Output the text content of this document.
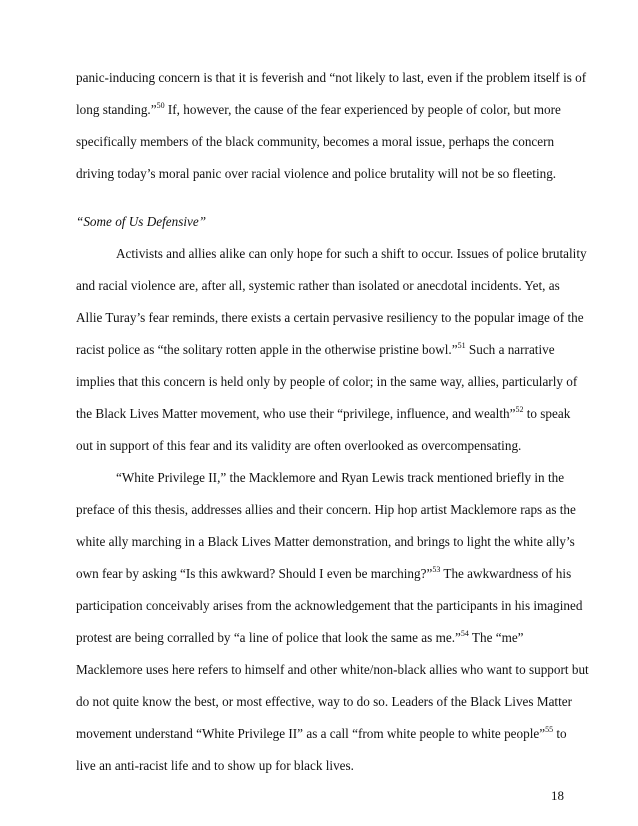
panic-inducing concern is that it is feverish and “not likely to last, even if the problem itself is of
long standing.”$^{50}$ If, however, the cause of the fear experienced by people of color, but more
specifically members of the black community, becomes a moral issue, perhaps the concern
driving today’s moral panic over racial violence and police brutality will not be so fleeting.
“Some of Us Defensive”
Activists and allies alike can only hope for such a shift to occur. Issues of police brutality
and racial violence are, after all, systemic rather than isolated or anecdotal incidents. Yet, as
Allie Turay’s fear reminds, there exists a certain pervasive resiliency to the popular image of the
racist police as “the solitary rotten apple in the otherwise pristine bowl.”$^{51}$ Such a narrative
implies that this concern is held only by people of color; in the same way, allies, particularly of
the Black Lives Matter movement, who use their “privilege, influence, and wealth”$^{52}$ to speak
out in support of this fear and its validity are often overlooked as overcompensating.
“White Privilege II,” the Macklemore and Ryan Lewis track mentioned briefly in the
preface of this thesis, addresses allies and their concern. Hip hop artist Macklemore raps as the
white ally marching in a Black Lives Matter demonstration, and brings to light the white ally’s
own fear by asking “Is this awkward? Should I even be marching?”$^{53}$ The awkwardness of his
participation conceivably arises from the acknowledgement that the participants in his imagined
protest are being corralled by “a line of police that look the same as me.”$^{54}$ The “me”
Macklemore uses here refers to himself and other white/non-black allies who want to support but
do not quite know the best, or most effective, way to do so. Leaders of the Black Lives Matter
movement understand “White Privilege II” as a call “from white people to white people”$^{55}$ to
live an anti-racist life and to show up for black lives.
18
